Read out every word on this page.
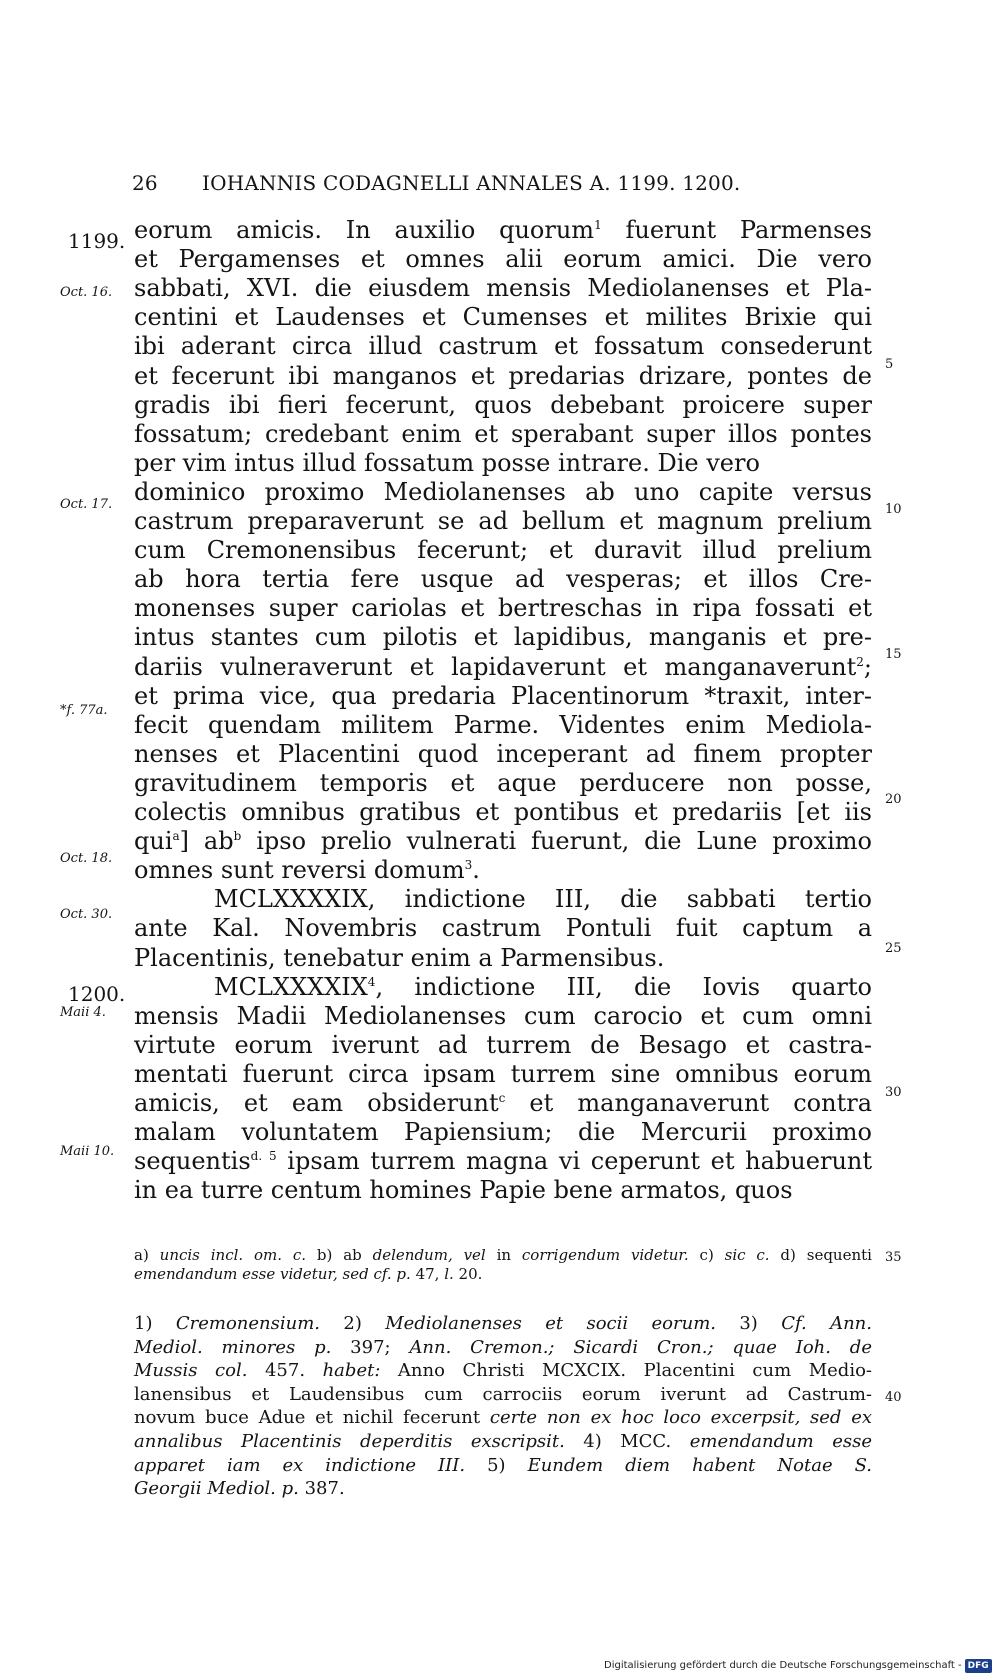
26 IOHANNIS CODAGNELLI ANNALES A. 1199. 1200.
eorum amicis. In auxilio quorum$^1$ fuerunt Parmenses
et Pergamenses et omnes alii eorum amici. Die vero
sabbati, XVI. die eiusdem mensis Mediolanenses et Pla-
centini et Laudenses et Cumenses et milites Brixie qui
ibi aderant circa illud castrum et fossatum consederunt
et fecerunt ibi manganos et predarias drizare, pontes de
gradis ibi fieri fecerunt, quos debebant proicere super
fossatum; credebant enim et sperabant super illos pontes
per vim intus illud fossatum posse intrare. Die vero
dominico proximo Mediolanenses ab uno capite versus
castrum preparaverunt se ad bellum et magnum prelium
cum Cremonensibus fecerunt; et duravit illud prelium
ab hora tertia fere usque ad vesperas; et illos Cre-
monenses super cariolas et bertreschas in ripa fossati et
intus stantes cum pilotis et lapidibus, manganis et pre-
dariis vulneraverunt et lapidaverunt et manganaverunt$^2$;
et prima vice, qua predaria Placentinorum *traxit, inter-
fecit quendam militem Parme. Videntes enim Mediola-
nenses et Placentini quod inceperant ad finem propter
gravitudinem temporis et aque perducere non posse,
colectis omnibus gratibus et pontibus et predariis [et iis
qui$^a$] $ab^b$ ipso prelio vulnerati fuerunt, die Lune proximo
omnes sunt reversi domum$^3$.
MCLXXXXIX, indictione III, die sabbati tertio
ante Kal. Novembris castrum Pontuli fuit captum a
Placentinis, tenebatur enim a Parmensibus.
MCLXXXXIX$^4$, indictione III, die Iovis quarto
mensis Madii Mediolanenses cum carocio et cum omni
virtute eorum iverunt ad turrem de Besago et castra-
mentati fuerunt circa ipsam turrem sine omnibus eorum
amicis, et eam obsiderunt$^c$ et manganaverunt contra
malam voluntatem Papiensium; die Mercurii proximo
sequentis$^{d. 5}$ ipsam turrem magna vi ceperunt et habuerunt
in ea turre centum homines Papie bene armatos, quos
1199.
Oct. 16.
Oct. 17.
*f. 77a.
Oct. 18.
Oct. 30.
1200.
Maii 4.
Maii 10.
5
10
15
20
25
30
35
40
a) uncis incl. om. c. b) ab delendum, vel in corrigendum videtur. c) sic c. d) sequenti
emendandum esse videtur, sed cf. p. 47, l. 20.
1) Cremonensium. 2) Mediolanenses et socii eorum. 3) Cf. Ann.
Mediol. minores p. 397; Ann. Cremon.; Sicardi Cron.; quae Ioh. de
Mussis col. 457. habet: Anno Christi MCXCIX. Placentini cum Medio-
lanensibus et Laudensibus cum carrociis eorum iverunt ad Castrum-
novum buce Adue et nichil fecerunt certe non ex hoc loco excerpsit, sed ex
annalibus Placentinis deperditis exscripsit. 4) MCC. emendandum esse
apparet iam ex indictione III. 5) Eundem diem habent Notae S.
Georgii Mediol. p. 387.
Digitalisierung gefördert durch die Deutsche Forschungsgemeinschaft - DFG
